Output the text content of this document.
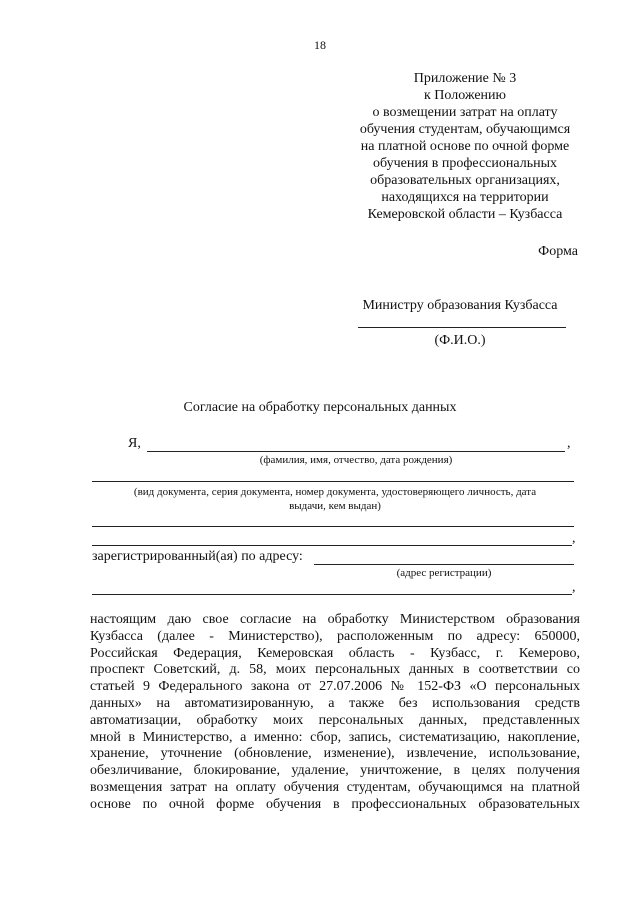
18
Приложение № 3
к Положению
о возмещении затрат на оплату
обучения студентам, обучающимся
на платной основе по очной форме
обучения в профессиональных
образовательных организациях,
находящихся на территории
Кемеровской области – Кузбасса
Форма
Министру образования Кузбасса
(Ф.И.О.)
Согласие на обработку персональных данных
Я,	,
(фамилия, имя, отчество, дата рождения)
(вид документа, серия документа, номер документа, удостоверяющего личность, дата
выдачи, кем выдан)
,
зарегистрированный(ая) по адресу:
(адрес регистрации)
,
настоящим даю свое согласие на обработку Министерством образования
Кузбасса (далее - Министерство), расположенным по адресу: 650000,
Российская Федерация, Кемеровская область - Кузбасс, г. Кемерово,
проспект Советский, д. 58, моих персональных данных в соответствии со
статьей 9 Федерального закона от 27.07.2006 № 152-ФЗ «О персональных
данных» на автоматизированную, а также без использования средств
автоматизации, обработку моих персональных данных, представленных
мной в Министерство, а именно: сбор, запись, систематизацию, накопление,
хранение, уточнение (обновление, изменение), извлечение, использование,
обезличивание, блокирование, удаление, уничтожение, в целях получения
возмещения затрат на оплату обучения студентам, обучающимся на платной
основе по очной форме обучения в профессиональных образовательных
